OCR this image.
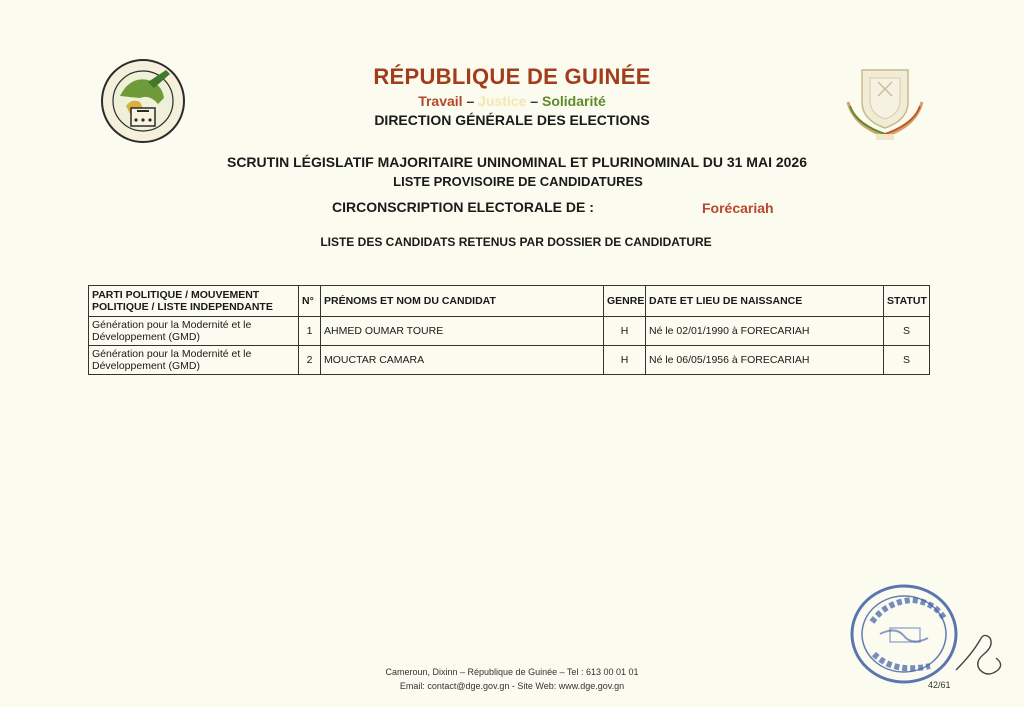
RÉPUBLIQUE DE GUINÉE
Travail – Justice – Solidarité
DIRECTION GÉNÉRALE DES ELECTIONS
SCRUTIN LÉGISLATIF MAJORITAIRE UNINOMINAL ET PLURINOMINAL DU 31 MAI 2026
LISTE PROVISOIRE DE CANDIDATURES
CIRCONSCRIPTION ELECTORALE DE :	Forécariah
LISTE DES CANDIDATS RETENUS PAR DOSSIER DE CANDIDATURE
PARTI POLITIQUE / MOUVEMENT POLITIQUE / LISTE INDEPENDANTE	N°	PRÉNOMS ET NOM DU CANDIDAT	GENRE	DATE ET LIEU DE NAISSANCE	STATUT
Génération pour la Modernité et le Développement (GMD)	1	AHMED OUMAR TOURE	H	Né le 02/01/1990 à FORECARIAH	S
Génération pour la Modernité et le Développement (GMD)	2	MOUCTAR CAMARA	H	Né le 06/05/1956 à FORECARIAH	S
Cameroun, Dixinn – République de Guinée – Tel : 613 00 01 01
Email: contact@dge.gov.gn - Site Web: www.dge.gov.gn	42/61
